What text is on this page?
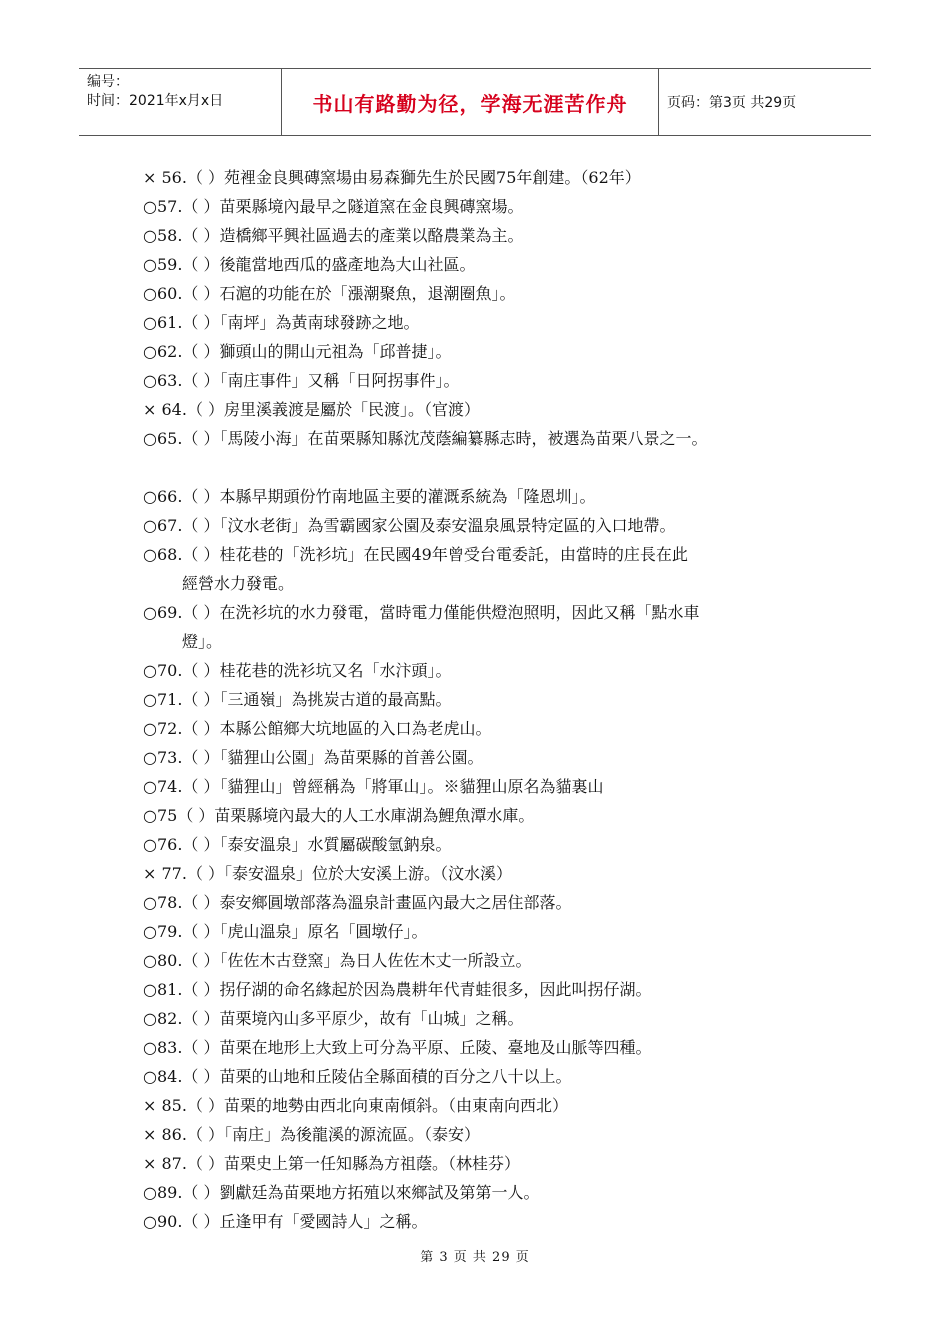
编号：
时间：2021年x月x日	书山有路勤为径，学海无涯苦作舟	页码：第3页 共29页
× 56.（ ）苑裡金良興磚窯場由易森獅先生於民國75年創建。（62年）
○57.（ ）苗栗縣境內最早之隧道窯在金良興磚窯場。
○58.（ ）造橋鄉平興社區過去的產業以酪農業為主。
○59.（ ）後龍當地西瓜的盛產地為大山社區。
○60.（ ）石滬的功能在於「漲潮聚魚，退潮圈魚」。
○61.（ ）「南坪」為黃南球發跡之地。
○62.（ ）獅頭山的開山元祖為「邱普捷」。
○63.（ ）「南庄事件」又稱「日阿拐事件」。
× 64.（ ）房里溪義渡是屬於「民渡」。（官渡）
○65.（ ）「馬陵小海」在苗栗縣知縣沈茂蔭編纂縣志時，被選為苗栗八景之一。
○66.（ ）本縣早期頭份竹南地區主要的灌溉系統為「隆恩圳」。
○67.（ ）「汶水老街」為雪霸國家公園及泰安溫泉風景特定區的入口地帶。
○68.（ ）桂花巷的「洗衫坑」在民國49年曾受台電委託，由當時的庄長在此
經營水力發電。
○69.（ ）在洗衫坑的水力發電，當時電力僅能供燈泡照明，因此又稱「點水車
燈」。
○70.（ ）桂花巷的洗衫坑又名「水汴頭」。
○71.（ ）「三通嶺」為挑炭古道的最高點。
○72.（ ）本縣公館鄉大坑地區的入口為老虎山。
○73.（ ）「貓狸山公園」為苗栗縣的首善公園。
○74.（ ）「貓狸山」曾經稱為「將軍山」。※貓狸山原名為貓裏山
○75（ ）苗栗縣境內最大的人工水庫湖為鯉魚潭水庫。
○76.（ ）「泰安溫泉」水質屬碳酸氫鈉泉。
× 77.（ ）「泰安溫泉」位於大安溪上游。（汶水溪）
○78.（ ）泰安鄉圓墩部落為溫泉計畫區內最大之居住部落。
○79.（ ）「虎山溫泉」原名「圓墩仔」。
○80.（ ）「佐佐木古登窯」為日人佐佐木丈一所設立。
○81.（ ）拐仔湖的命名緣起於因為農耕年代青蛙很多，因此叫拐仔湖。
○82.（ ）苗栗境內山多平原少，故有「山城」之稱。
○83.（ ）苗栗在地形上大致上可分為平原、丘陵、臺地及山脈等四種。
○84.（ ）苗栗的山地和丘陵佔全縣面積的百分之八十以上。
× 85.（ ）苗栗的地勢由西北向東南傾斜。（由東南向西北）
× 86.（ ）「南庄」為後龍溪的源流區。（泰安）
× 87.（ ）苗栗史上第一任知縣為方祖蔭。（林桂芬）
○89.（ ）劉獻廷為苗栗地方拓殖以來鄉試及第第一人。
○90.（ ）丘逢甲有「愛國詩人」之稱。
第 3 页 共 29 页
